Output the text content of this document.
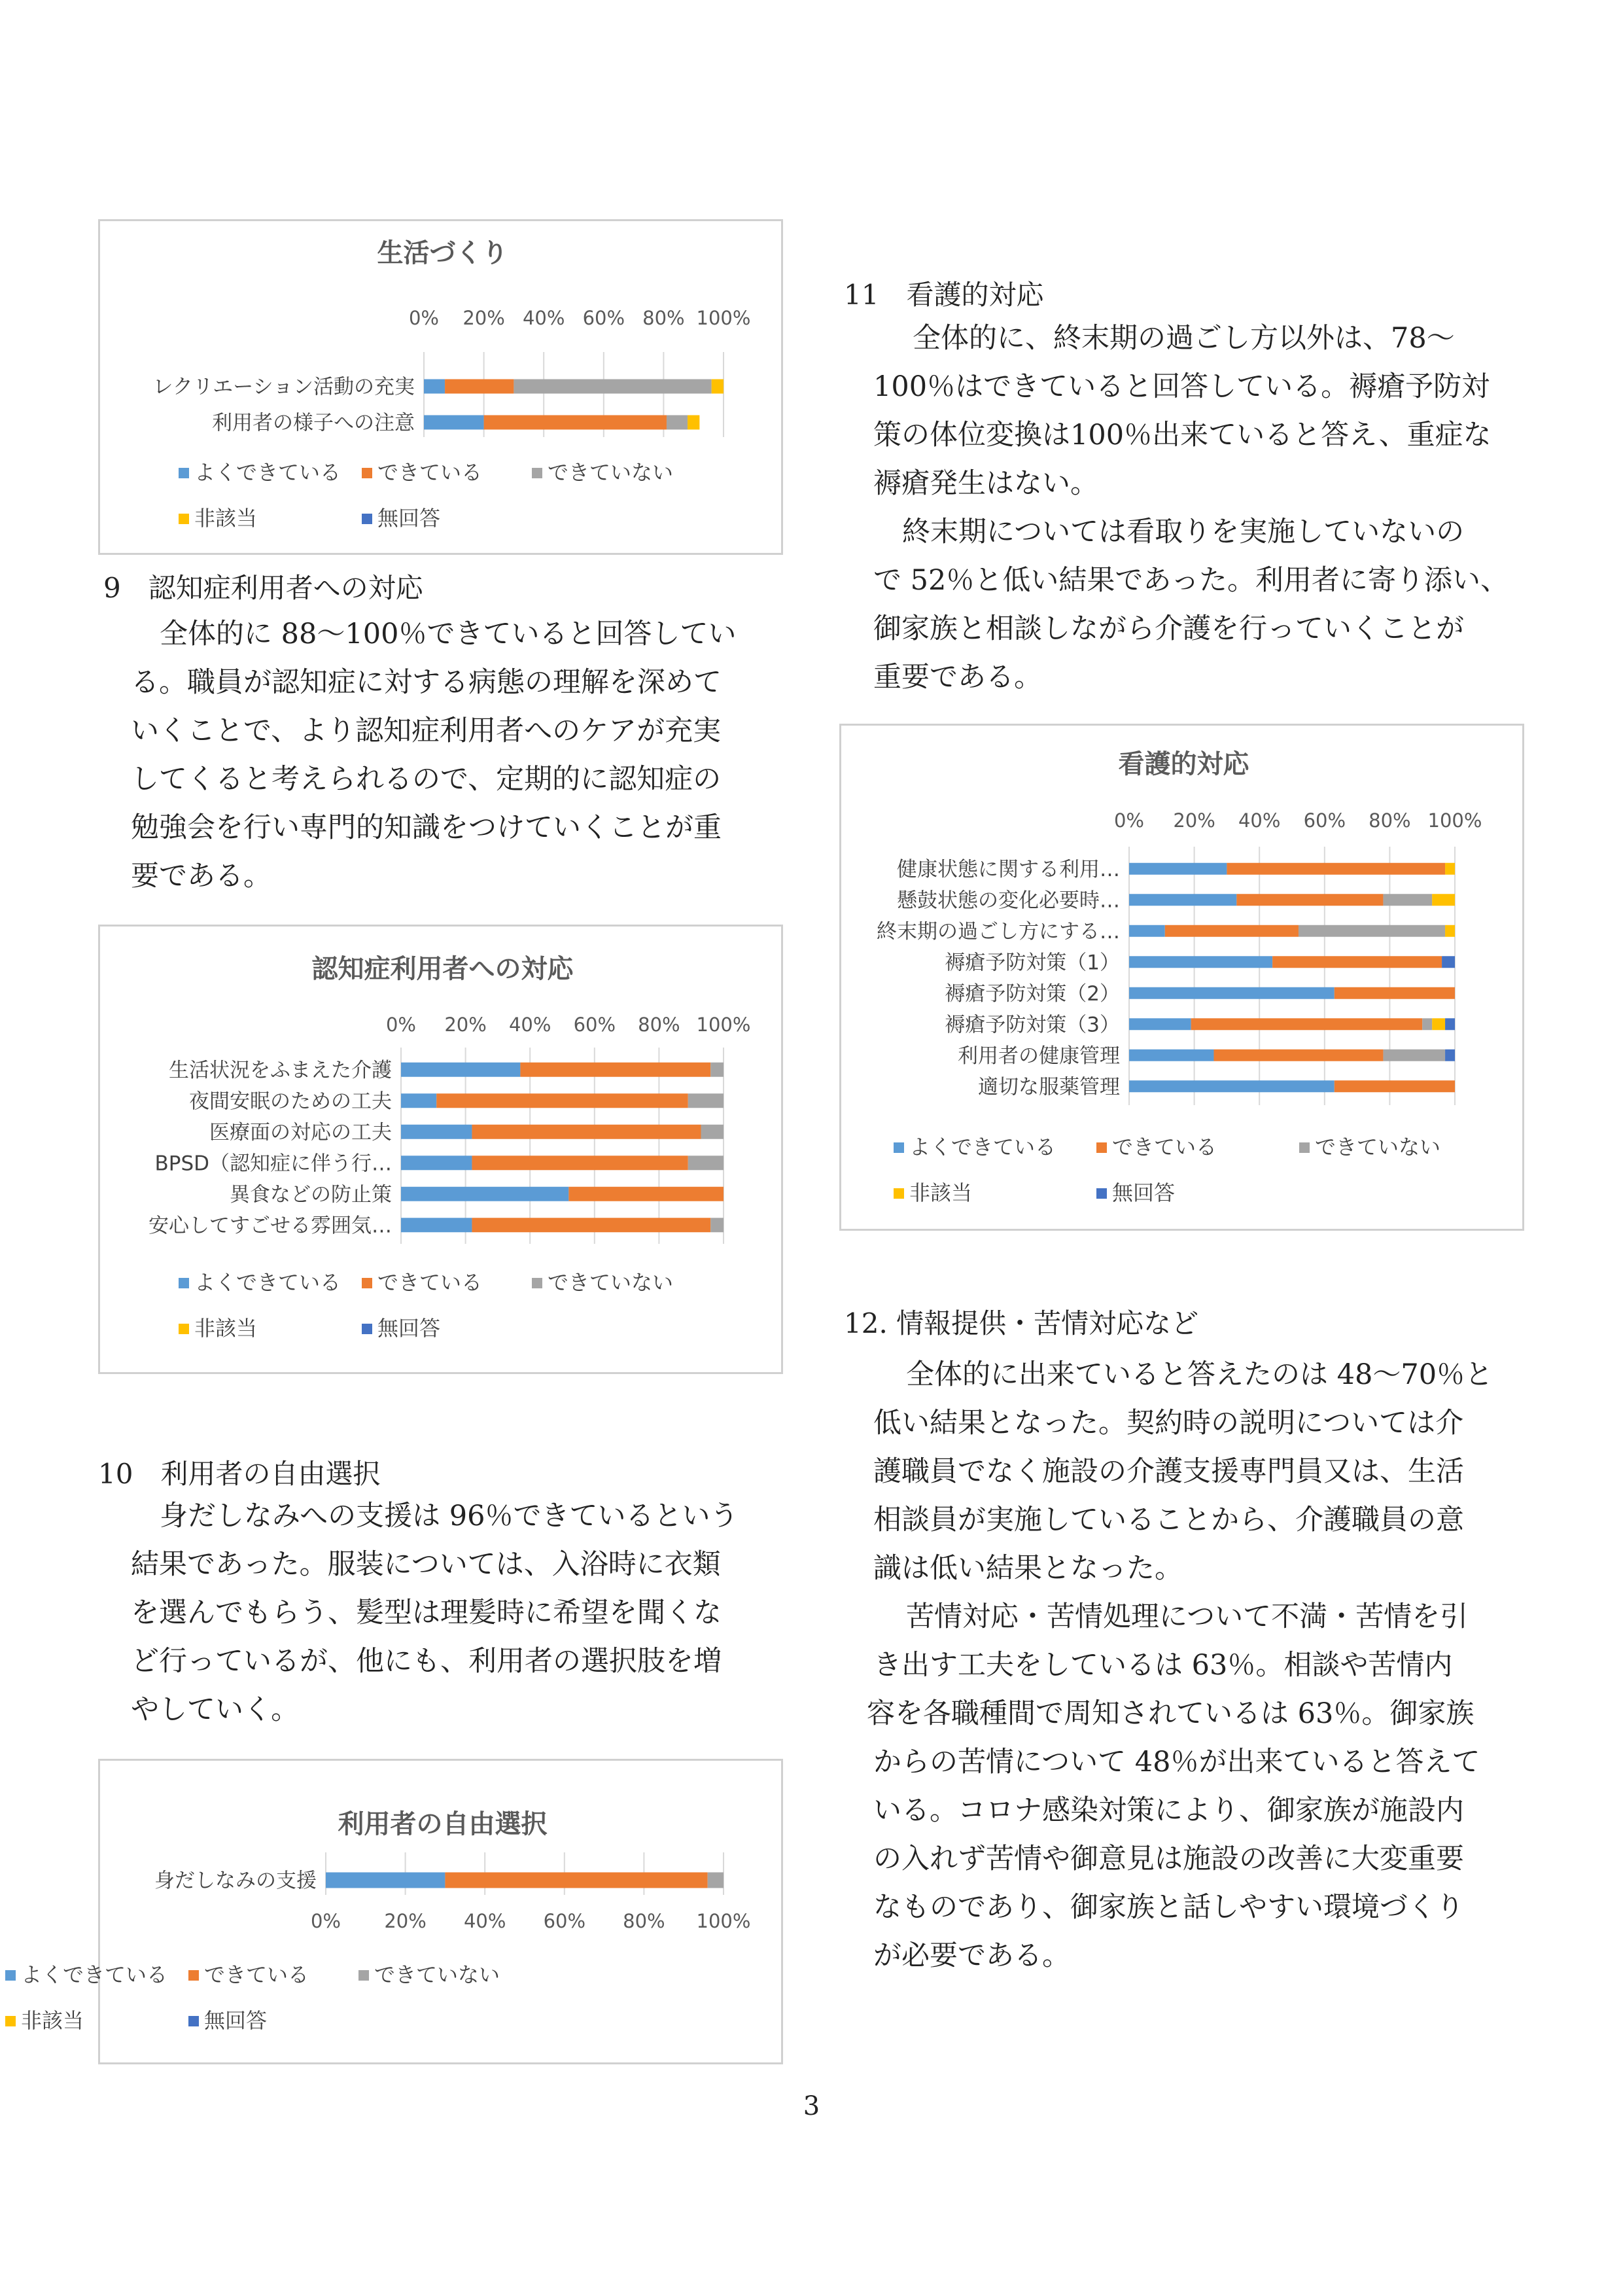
生活づくり
0% 20% 40% 60% 80% 100%
レクリエーション活動の充実
利用者の様子への注意
よくできている できている	できていない
非該当	無回答
認知症利用者への対応
0% 20% 40% 60% 80% 100%
生活状況をふまえた介護
夜間安眠のための工夫
医療面の対応の工夫
BPSD（認知症に伴う行…
異食などの防止策
安心してすごせる雰囲気…
よくできている できている	できていない
非該当	無回答
利用者の自由選択
0% 20% 40% 60% 80% 100%
身だしなみの支援
よくできている できている	できていない
非該当	無回答
看護的対応
0% 20% 40% 60% 80% 100%
健康状態に関する利用…
懸鼓状態の変化必要時…
終末期の過ごし方にする…
褥瘡予防対策（1）
褥瘡予防対策（2）
褥瘡予防対策（3）
利用者の健康管理
適切な服薬管理
よくできている	できている	できていない
非該当	無回答
9　認知症利用者への対応
全体的に 88～100％できていると回答してい
る。職員が認知症に対する病態の理解を深めて
いくことで、より認知症利用者へのケアが充実
してくると考えられるので、定期的に認知症の
勉強会を行い専門的知識をつけていくことが重
要である。
10　利用者の自由選択
身だしなみへの支援は 96％できているという
結果であった。服装については、入浴時に衣類
を選んでもらう、髪型は理髪時に希望を聞くな
ど行っているが、他にも、利用者の選択肢を増
やしていく。
11　看護的対応
全体的に、終末期の過ごし方以外は、78～
100％はできていると回答している。褥瘡予防対
策の体位変換は100％出来ていると答え、重症な
褥瘡発生はない。
終末期については看取りを実施していないの
で 52％と低い結果であった。利用者に寄り添い、
御家族と相談しながら介護を行っていくことが
重要である。
12. 情報提供・苦情対応など
全体的に出来ていると答えたのは 48～70％と
低い結果となった。契約時の説明については介
護職員でなく施設の介護支援専門員又は、生活
相談員が実施していることから、介護職員の意
識は低い結果となった。
苦情対応・苦情処理について不満・苦情を引
き出す工夫をしているは 63％。相談や苦情内
容を各職種間で周知されているは 63％。御家族
からの苦情について 48％が出来ていると答えて
いる。コロナ感染対策により、御家族が施設内
の入れず苦情や御意見は施設の改善に大変重要
なものであり、御家族と話しやすい環境づくり
が必要である。
3
